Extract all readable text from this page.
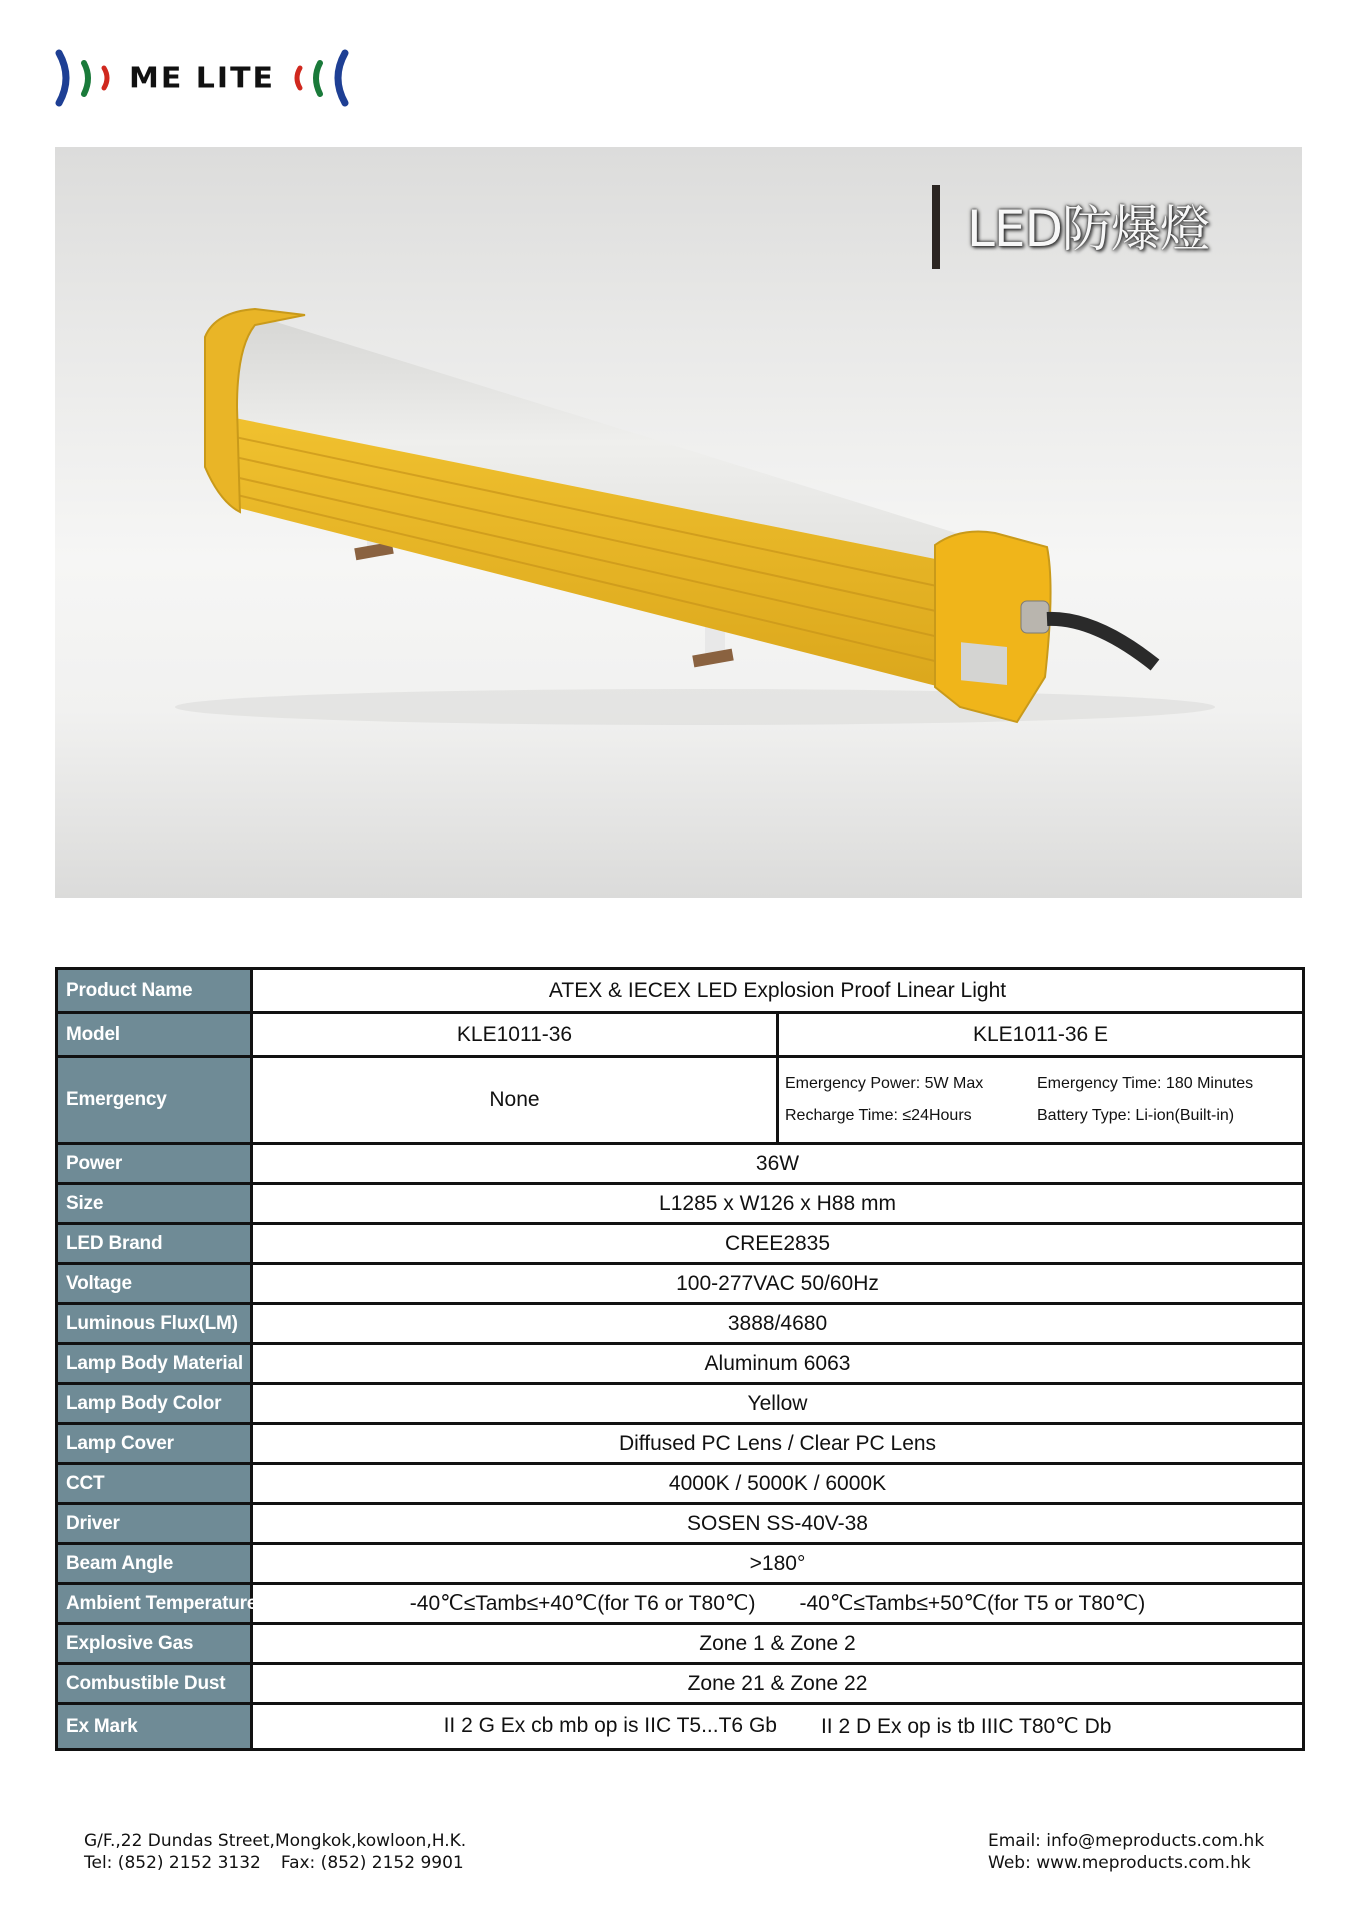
ME LITE
LED防爆燈
Product Name	ATEX & IECEX LED Explosion Proof Linear Light	
Model	KLE1011-36	KLE1011-36 E
Emergency	None	Emergency Power: 5W Max Emergency Time: 180 Minutes
Recharge Time: ≤24Hours Battery Type: Li-ion(Built-in)

Power	36W	
Size	L1285 x W126 x H88 mm	
LED Brand	CREE2835	
Voltage	100-277VAC 50/60Hz	
Luminous Flux(LM)	3888/4680	
Lamp Body Material	Aluminum 6063	
Lamp Body Color	Yellow	
Lamp Cover	Diffused PC Lens / Clear PC Lens	
CCT	4000K / 5000K / 6000K	
Driver	SOSEN SS-40V-38	
Beam Angle	>180°	
Ambient Temperature	-40℃≤Tamb≤+40℃(for T6 or T80℃) -40℃≤Tamb≤+50℃(for T5 or T80℃)	

Explosive Gas	Zone 1 & Zone 2	
Combustible Dust	Zone 21 & Zone 22	
Ex Mark	II 2 G Ex cb mb op is IIC T5...T6 Gb II 2 D Ex op is tb IIIC T80℃ Db	
G/F.,22 Dundas Street,Mongkok,kowloon,H.K.
Tel: (852) 2152 3132 Fax: (852) 2152 9901
Email: info@meproducts.com.hk
Web: www.meproducts.com.hk
